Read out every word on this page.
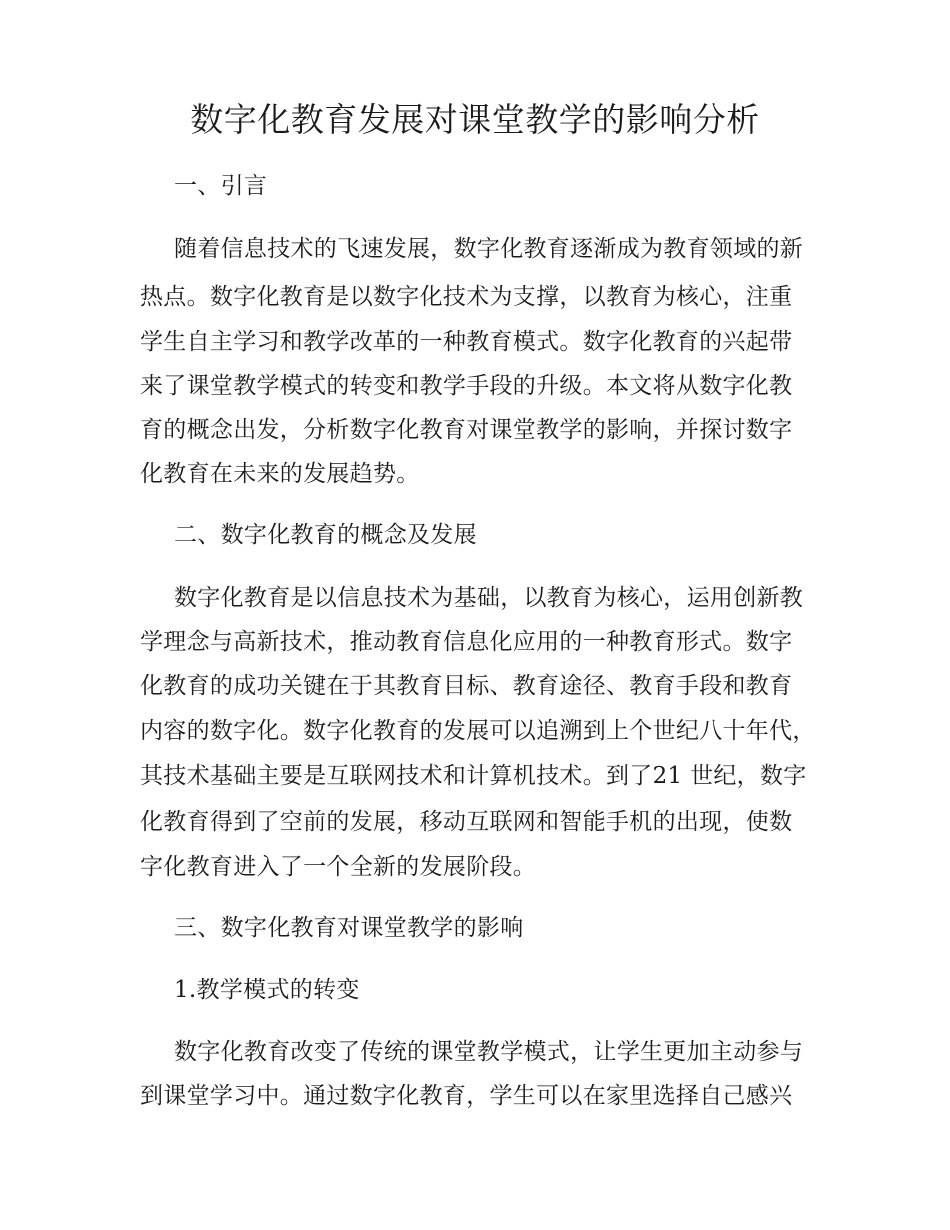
数字化教育发展对课堂教学的影响分析
一、引言
随着信息技术的飞速发展，数字化教育逐渐成为教育领域的新
热点。数字化教育是以数字化技术为支撑，以教育为核心，注重
学生自主学习和教学改革的一种教育模式。数字化教育的兴起带
来了课堂教学模式的转变和教学手段的升级。本文将从数字化教
育的概念出发，分析数字化教育对课堂教学的影响，并探讨数字
化教育在未来的发展趋势。
二、数字化教育的概念及发展
数字化教育是以信息技术为基础，以教育为核心，运用创新教
学理念与高新技术，推动教育信息化应用的一种教育形式。数字
化教育的成功关键在于其教育目标、教育途径、教育手段和教育
内容的数字化。数字化教育的发展可以追溯到上个世纪八十年代，
其技术基础主要是互联网技术和计算机技术。到了21 世纪，数字
化教育得到了空前的发展，移动互联网和智能手机的出现，使数
字化教育进入了一个全新的发展阶段。
三、数字化教育对课堂教学的影响
1.教学模式的转变
数字化教育改变了传统的课堂教学模式，让学生更加主动参与
到课堂学习中。通过数字化教育，学生可以在家里选择自己感兴
